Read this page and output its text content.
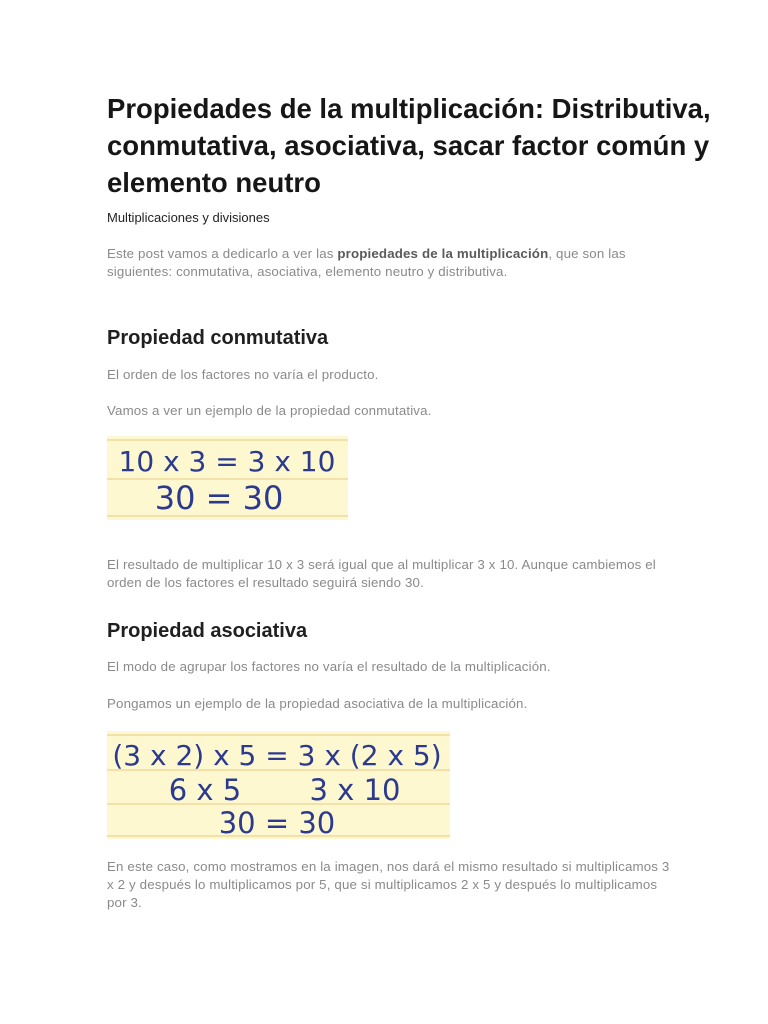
Propiedades de la multiplicación: Distributiva, conmutativa, asociativa, sacar factor común y elemento neutro

Multiplicaciones y divisiones

Este post vamos a dedicarlo a ver las propiedades de la multiplicación, que son las siguientes: conmutativa, asociativa, elemento neutro y distributiva.

Propiedad conmutativa

El orden de los factores no varía el producto.

Vamos a ver un ejemplo de la propiedad conmutativa.

10 x 3 = 3 x 10
30 = 30

El resultado de multiplicar 10 x 3 será igual que al multiplicar 3 x 10. Aunque cambiemos el orden de los factores el resultado seguirá siendo 30.

Propiedad asociativa

El modo de agrupar los factores no varía el resultado de la multiplicación.

Pongamos un ejemplo de la propiedad asociativa de la multiplicación.

(3 x 2) x 5 = 3 x (2 x 5)
6 x 5 3 x 10
30 = 30

En este caso, como mostramos en la imagen, nos dará el mismo resultado si multiplicamos 3 x 2 y después lo multiplicamos por 5, que si multiplicamos 2 x 5 y después lo multiplicamos por 3.
